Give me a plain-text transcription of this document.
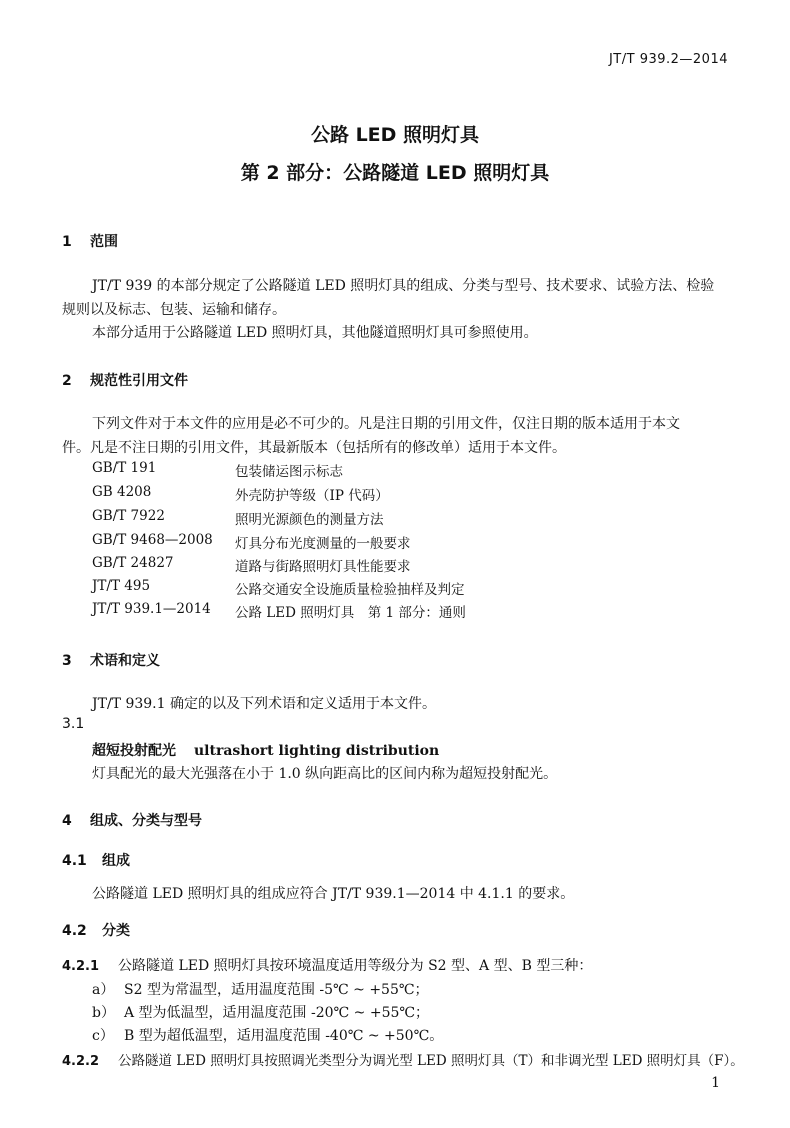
JT/T 939.2—2014
公路 LED 照明灯具
第 2 部分：公路隧道 LED 照明灯具
1 范围
JT/T 939 的本部分规定了公路隧道 LED 照明灯具的组成、分类与型号、技术要求、试验方法、检验
规则以及标志、包装、运输和储存。
本部分适用于公路隧道 LED 照明灯具，其他隧道照明灯具可参照使用。
2 规范性引用文件
下列文件对于本文件的应用是必不可少的。凡是注日期的引用文件，仅注日期的版本适用于本文
件。凡是不注日期的引用文件，其最新版本（包括所有的修改单）适用于本文件。
GB/T 191	包装储运图示标志
GB 4208	外壳防护等级（IP 代码）
GB/T 7922	照明光源颜色的测量方法
GB/T 9468—2008 灯具分布光度测量的一般要求
GB/T 24827	道路与街路照明灯具性能要求
JT/T 495	公路交通安全设施质量检验抽样及判定
JT/T 939.1—2014 公路 LED 照明灯具　第 1 部分：通则
3 术语和定义
JT/T 939.1 确定的以及下列术语和定义适用于本文件。
3.1
超短投射配光 ultrashort lighting distribution
灯具配光的最大光强落在小于 1.0 纵向距高比的区间内称为超短投射配光。
4 组成、分类与型号
4.1 组成
公路隧道 LED 照明灯具的组成应符合 JT/T 939.1—2014 中 4.1.1 的要求。
4.2 分类
4.2.1 公路隧道 LED 照明灯具按环境温度适用等级分为 S2 型、A 型、B 型三种：
a） S2 型为常温型，适用温度范围 -5℃ ~ +55℃；
b） A 型为低温型，适用温度范围 -20℃ ~ +55℃；
c） B 型为超低温型，适用温度范围 -40℃ ~ +50℃。
4.2.2 公路隧道 LED 照明灯具按照调光类型分为调光型 LED 照明灯具（T）和非调光型 LED 照明灯具（F）。
1
